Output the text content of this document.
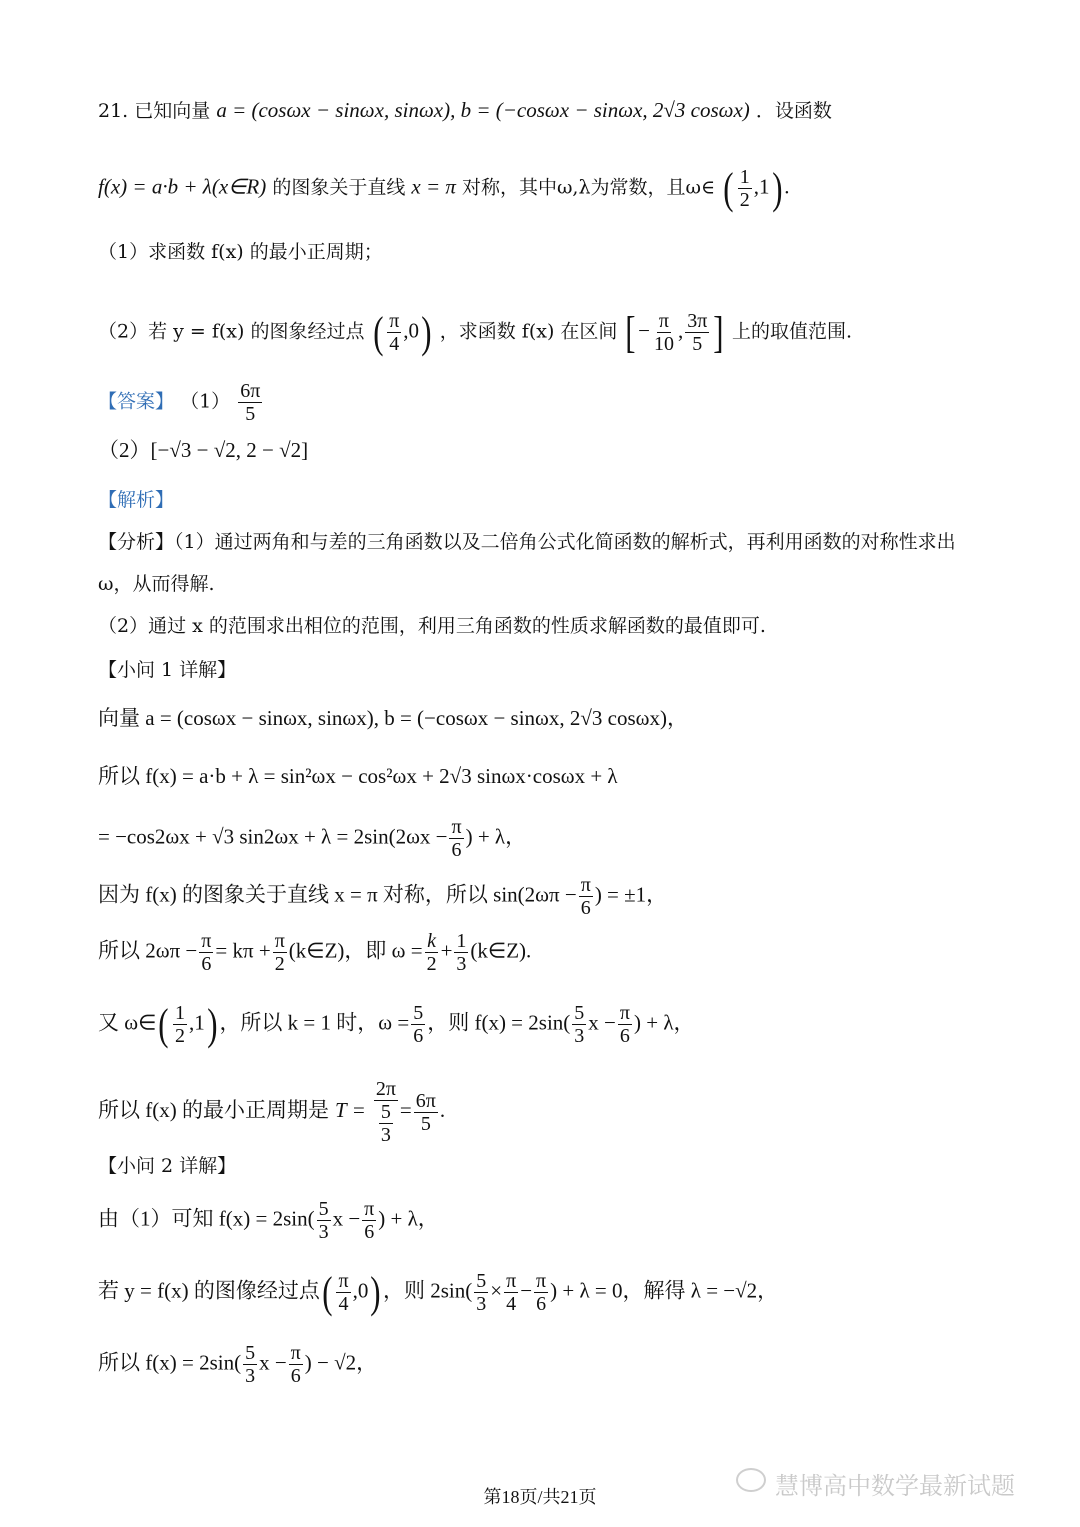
21. 已知向量 a = (cosωx − sinωx, sinωx), b = (−cosωx − sinωx, 2√3 cosωx) ．设函数
f(x) = a·b + λ(x∈R) 的图象关于直线 x = π 对称，其中ω,λ为常数，且ω∈ ( $\frac{1}{2} ,1$) .
（1）求函数 f(x) 的最小正周期；
（2）若 y = f(x) 的图象经过点 ( $\frac{\pi}{4} ,0$) ，求函数 f(x) 在区间 [ − $\frac{\pi}{10}$ , $\frac{3\pi}{5}$ ] 上的取值范围.
【答案】 $(1) \frac{6\pi}{5}$
（2）[−√3 − √2, 2 − √2]
【解析】
【分析】（1）通过两角和与差的三角函数以及二倍角公式化简函数的解析式，再利用函数的对称性求出
ω，从而得解.
（2）通过 x 的范围求出相位的范围，利用三角函数的性质求解函数的最值即可.
【小问 1 详解】
向量 a = (cosωx − sinωx, sinωx), b = (−cosωx − sinωx, 2√3 cosωx)，
所以 f(x) = a·b + λ = sin²ωx − cos²ωx + 2√3 sinωx·cosωx + λ
= −cos2ωx + √3 $\sin 2\omega x + \lambda = 2\sin(2\omega x - \frac{\pi}{6}$ ) + λ，
因为 f(x) 的图象关于直线 x = π 对称，所以 $\sin(2\omega\pi - \frac{\pi}{6}$ ) = ±1，
所以 $2\omega\pi - \frac{\pi}{6} = k\pi + \frac{\pi}{2}$ (k∈Z)，即 $\omega = \frac{k}{2} + \frac{1}{3}$ (k∈Z).
又 ω∈( $\frac{1}{2} ,1$) ，所以 k = 1 时，$\omega = \frac{5}{6}$ ，则 $f(x) = 2\sin( \frac{5}{3}$ $x - \frac{\pi}{6}$ ) + λ，
所以 f(x) 的最小正周期是 $T = \frac{2\pi}{\frac{5}{3}} = \frac{6\pi}{5}$ .
【小问 2 详解】
由（1）可知 $f(x) = 2\sin( \frac{5}{3}$ $x - \frac{\pi}{6}$ ) + λ，
若 y = f(x) 的图像经过点( $\frac{\pi}{4} ,0$) ，则 $2\sin( \frac{5}{3} \times \frac{\pi}{4} - \frac{\pi}{6}$ ) + λ = 0，解得 λ = −√2，
所以 $f(x) = 2\sin( \frac{5}{3}$ $x - \frac{\pi}{6}$ ) − √2，
第18页/共21页	慧博高中数学最新试题
